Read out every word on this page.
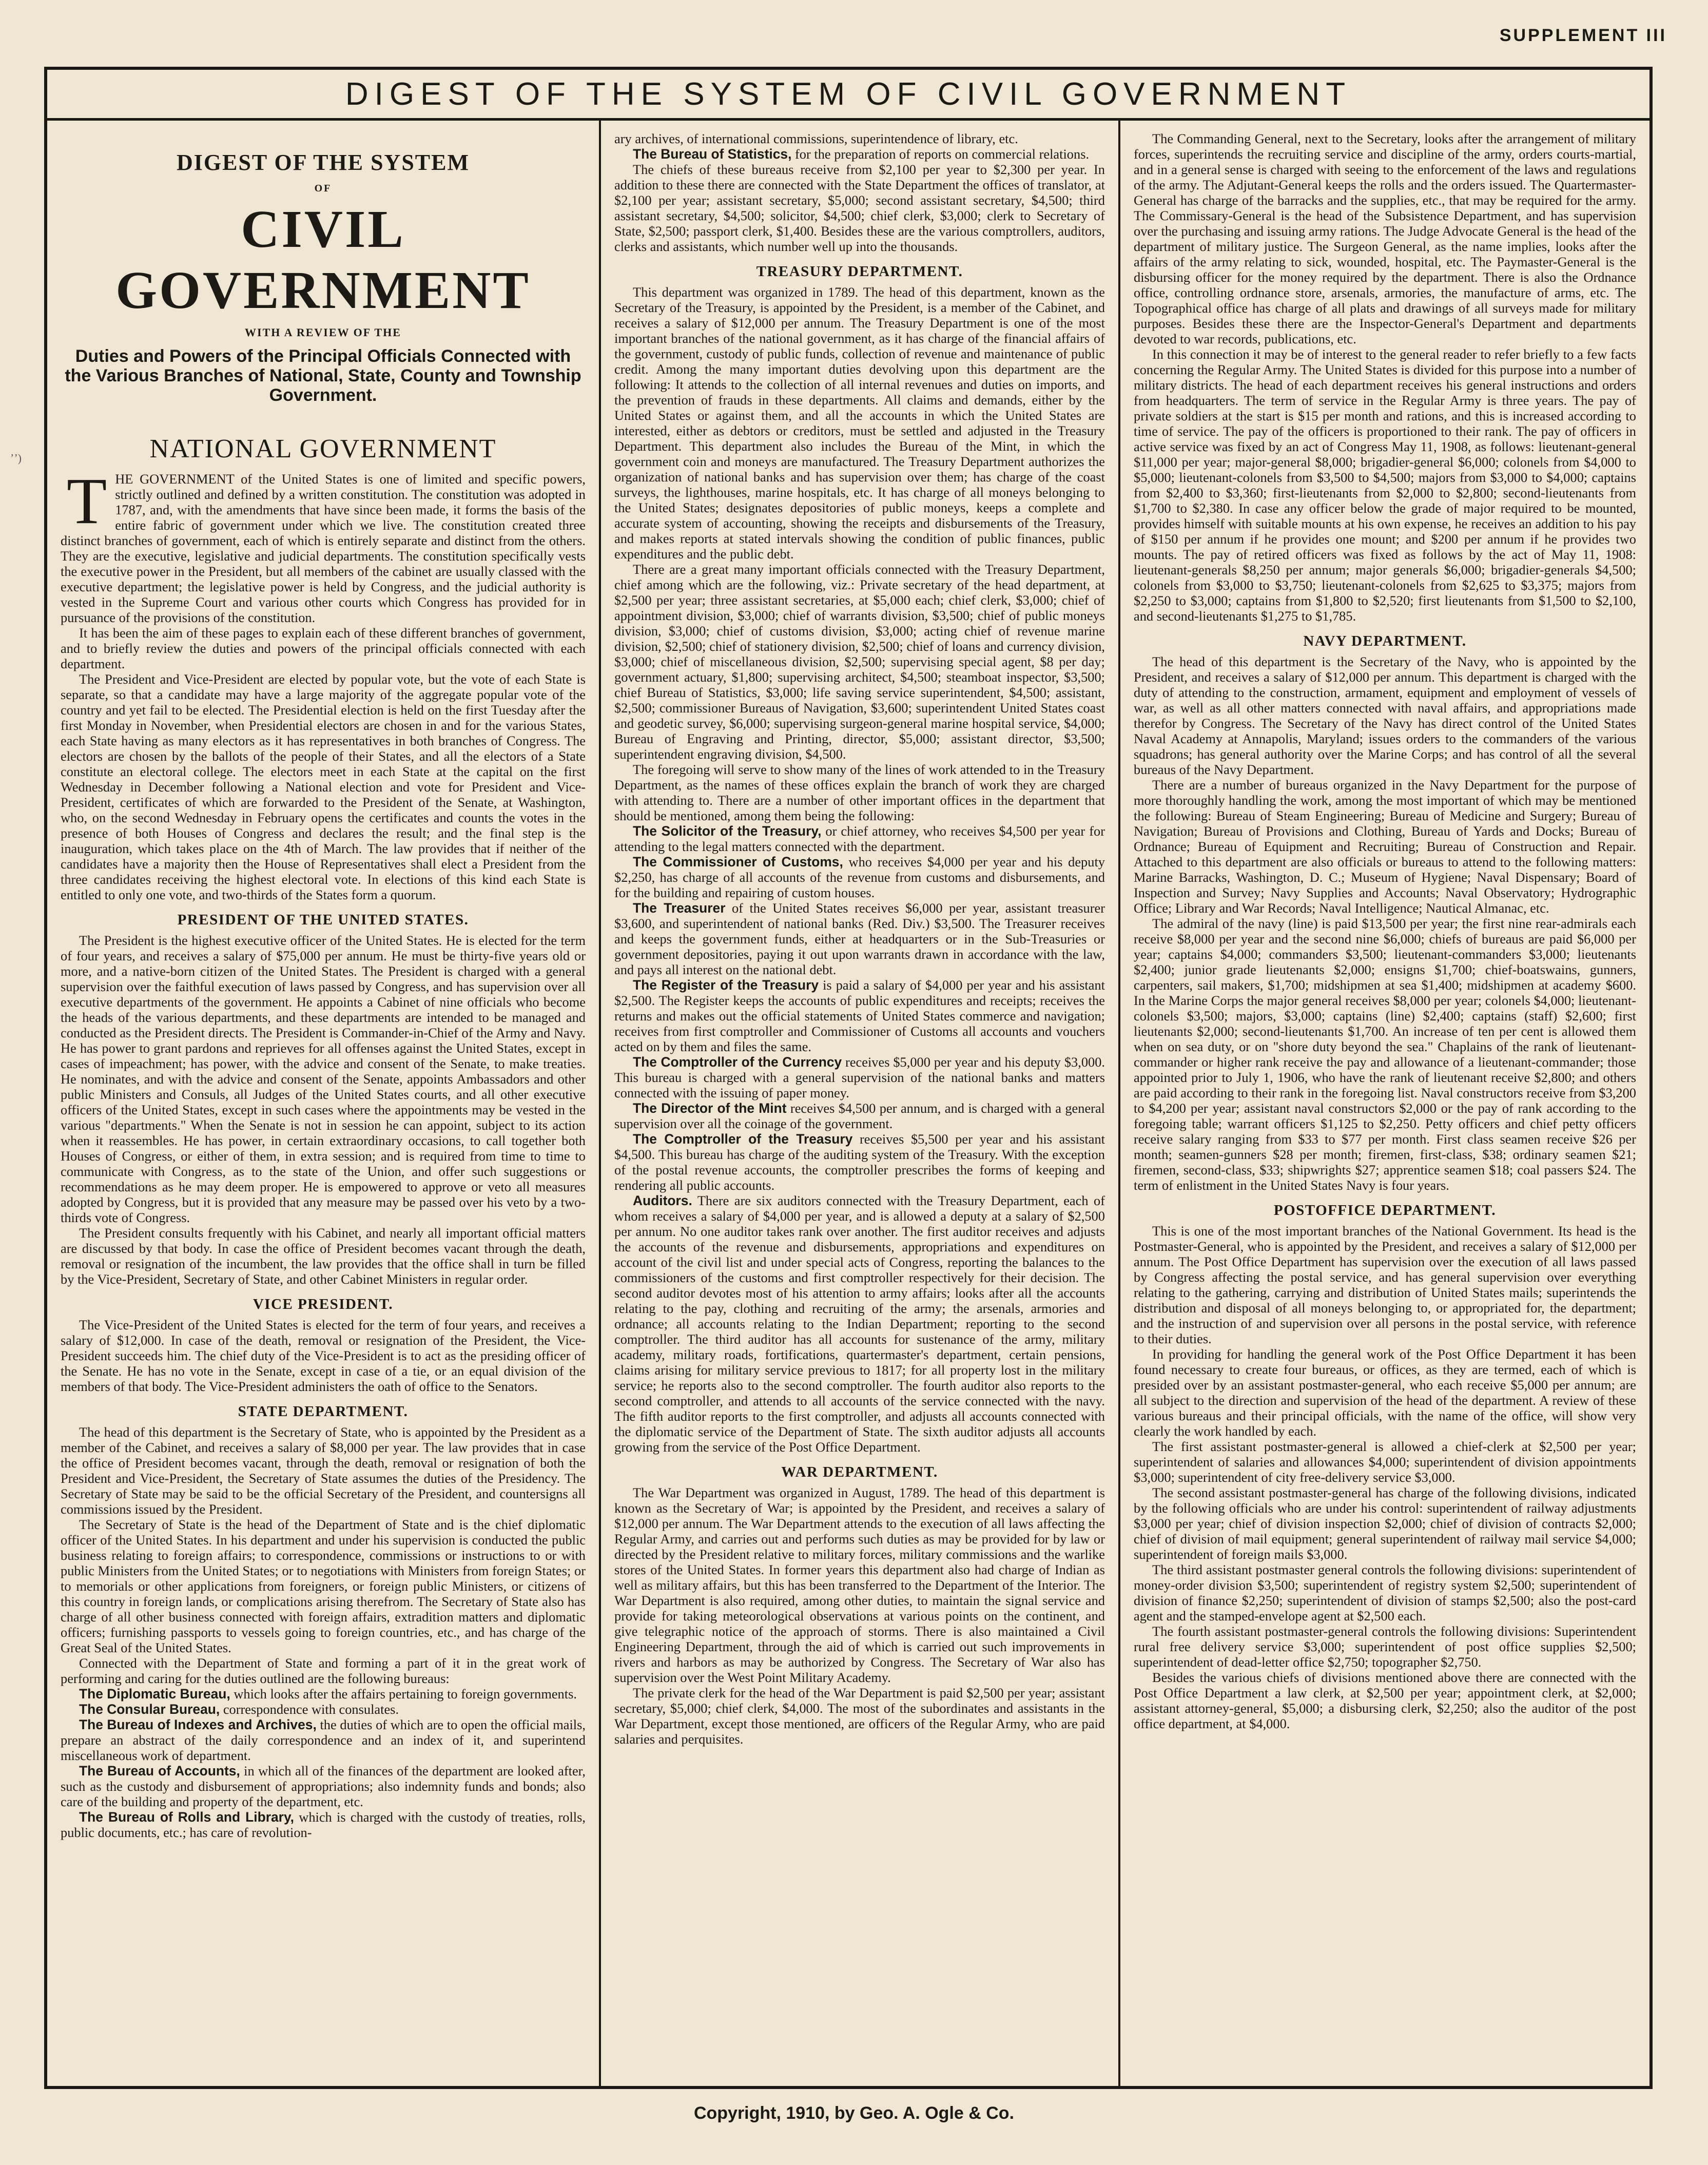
SUPPLEMENT III
ʼʼ)
DIGEST OF THE SYSTEM OF CIVIL GOVERNMENT
DIGEST OF THE SYSTEM
OF
CIVIL GOVERNMENT
WITH A REVIEW OF THE
Duties and Powers of the Principal Officials Connected with the Various Branches of National, State, County and Township Government.
NATIONAL GOVERNMENT
T HE GOVERNMENT of the United States is one of limited and specific powers, strictly outlined and defined by a written constitution. The constitution was adopted in 1787, and, with the amendments that have since been made, it forms the basis of the entire fabric of government under which we live. The constitution created three distinct branches of government, each of which is entirely separate and distinct from the others. They are the executive, legislative and judicial departments. The constitution specifically vests the executive power in the President, but all members of the cabinet are usually classed with the executive department; the legislative power is held by Congress, and the judicial authority is vested in the Supreme Court and various other courts which Congress has provided for in pursuance of the provisions of the constitution.

It has been the aim of these pages to explain each of these different branches of government, and to briefly review the duties and powers of the principal officials connected with each department.

The President and Vice-President are elected by popular vote, but the vote of each State is separate, so that a candidate may have a large majority of the aggregate popular vote of the country and yet fail to be elected. The Presidential election is held on the first Tuesday after the first Monday in November, when Presidential electors are chosen in and for the various States, each State having as many electors as it has representatives in both branches of Congress. The electors are chosen by the ballots of the people of their States, and all the electors of a State constitute an electoral college. The electors meet in each State at the capital on the first Wednesday in December following a National election and vote for President and Vice-President, certificates of which are forwarded to the President of the Senate, at Washington, who, on the second Wednesday in February opens the certificates and counts the votes in the presence of both Houses of Congress and declares the result; and the final step is the inauguration, which takes place on the 4th of March. The law provides that if neither of the candidates have a majority then the House of Representatives shall elect a President from the three candidates receiving the highest electoral vote. In elections of this kind each State is entitled to only one vote, and two-thirds of the States form a quorum.

PRESIDENT OF THE UNITED STATES.

The President is the highest executive officer of the United States. He is elected for the term of four years, and receives a salary of $75,000 per annum. He must be thirty-five years old or more, and a native-born citizen of the United States. The President is charged with a general supervision over the faithful execution of laws passed by Congress, and has supervision over all executive departments of the government. He appoints a Cabinet of nine officials who become the heads of the various departments, and these departments are intended to be managed and conducted as the President directs. The President is Commander-in-Chief of the Army and Navy. He has power to grant pardons and reprieves for all offenses against the United States, except in cases of impeachment; has power, with the advice and consent of the Senate, to make treaties. He nominates, and with the advice and consent of the Senate, appoints Ambassadors and other public Ministers and Consuls, all Judges of the United States courts, and all other executive officers of the United States, except in such cases where the appointments may be vested in the various "departments." When the Senate is not in session he can appoint, subject to its action when it reassembles. He has power, in certain extraordinary occasions, to call together both Houses of Congress, or either of them, in extra session; and is required from time to time to communicate with Congress, as to the state of the Union, and offer such suggestions or recommendations as he may deem proper. He is empowered to approve or veto all measures adopted by Congress, but it is provided that any measure may be passed over his veto by a two-thirds vote of Congress.

The President consults frequently with his Cabinet, and nearly all important official matters are discussed by that body. In case the office of President becomes vacant through the death, removal or resignation of the incumbent, the law provides that the office shall in turn be filled by the Vice-President, Secretary of State, and other Cabinet Ministers in regular order.

VICE PRESIDENT.

The Vice-President of the United States is elected for the term of four years, and receives a salary of $12,000. In case of the death, removal or resignation of the President, the Vice-President succeeds him. The chief duty of the Vice-President is to act as the presiding officer of the Senate. He has no vote in the Senate, except in case of a tie, or an equal division of the members of that body. The Vice-President administers the oath of office to the Senators.

STATE DEPARTMENT.

The head of this department is the Secretary of State, who is appointed by the President as a member of the Cabinet, and receives a salary of $8,000 per year. The law provides that in case the office of President becomes vacant, through the death, removal or resignation of both the President and Vice-President, the Secretary of State assumes the duties of the Presidency. The Secretary of State may be said to be the official Secretary of the President, and countersigns all commissions issued by the President.

The Secretary of State is the head of the Department of State and is the chief diplomatic officer of the United States. In his department and under his supervision is conducted the public business relating to foreign affairs; to correspondence, commissions or instructions to or with public Ministers from the United States; or to negotiations with Ministers from foreign States; or to memorials or other applications from foreigners, or foreign public Ministers, or citizens of this country in foreign lands, or complications arising therefrom. The Secretary of State also has charge of all other business connected with foreign affairs, extradition matters and diplomatic officers; furnishing passports to vessels going to foreign countries, etc., and has charge of the Great Seal of the United States.

Connected with the Department of State and forming a part of it in the great work of performing and caring for the duties outlined are the following bureaus:

The Diplomatic Bureau, which looks after the affairs pertaining to foreign governments.

The Consular Bureau, correspondence with consulates.

The Bureau of Indexes and Archives, the duties of which are to open the official mails, prepare an abstract of the daily correspondence and an index of it, and superintend miscellaneous work of department.

The Bureau of Accounts, in which all of the finances of the department are looked after, such as the custody and disbursement of appropriations; also indemnity funds and bonds; also care of the building and property of the department, etc.

The Bureau of Rolls and Library, which is charged with the custody of treaties, rolls, public documents, etc.; has care of revolution-

ary archives, of international commissions, superintendence of library, etc.

The Bureau of Statistics, for the preparation of reports on commercial relations.

The chiefs of these bureaus receive from $2,100 per year to $2,300 per year. In addition to these there are connected with the State Department the offices of translator, at $2,100 per year; assistant secretary, $5,000; second assistant secretary, $4,500; third assistant secretary, $4,500; solicitor, $4,500; chief clerk, $3,000; clerk to Secretary of State, $2,500; passport clerk, $1,400. Besides these are the various comptrollers, auditors, clerks and assistants, which number well up into the thousands.

TREASURY DEPARTMENT.

This department was organized in 1789. The head of this department, known as the Secretary of the Treasury, is appointed by the President, is a member of the Cabinet, and receives a salary of $12,000 per annum. The Treasury Department is one of the most important branches of the national government, as it has charge of the financial affairs of the government, custody of public funds, collection of revenue and maintenance of public credit. Among the many important duties devolving upon this department are the following: It attends to the collection of all internal revenues and duties on imports, and the prevention of frauds in these departments. All claims and demands, either by the United States or against them, and all the accounts in which the United States are interested, either as debtors or creditors, must be settled and adjusted in the Treasury Department. This department also includes the Bureau of the Mint, in which the government coin and moneys are manufactured. The Treasury Department authorizes the organization of national banks and has supervision over them; has charge of the coast surveys, the lighthouses, marine hospitals, etc. It has charge of all moneys belonging to the United States; designates depositories of public moneys, keeps a complete and accurate system of accounting, showing the receipts and disbursements of the Treasury, and makes reports at stated intervals showing the condition of public finances, public expenditures and the public debt.

There are a great many important officials connected with the Treasury Department, chief among which are the following, viz.: Private secretary of the head department, at $2,500 per year; three assistant secretaries, at $5,000 each; chief clerk, $3,000; chief of appointment division, $3,000; chief of warrants division, $3,500; chief of public moneys division, $3,000; chief of customs division, $3,000; acting chief of revenue marine division, $2,500; chief of stationery division, $2,500; chief of loans and currency division, $3,000; chief of miscellaneous division, $2,500; supervising special agent, $8 per day; government actuary, $1,800; supervising architect, $4,500; steamboat inspector, $3,500; chief Bureau of Statistics, $3,000; life saving service superintendent, $4,500; assistant, $2,500; commissioner Bureaus of Navigation, $3,600; superintendent United States coast and geodetic survey, $6,000; supervising surgeon-general marine hospital service, $4,000; Bureau of Engraving and Printing, director, $5,000; assistant director, $3,500; superintendent engraving division, $4,500.

The foregoing will serve to show many of the lines of work attended to in the Treasury Department, as the names of these offices explain the branch of work they are charged with attending to. There are a number of other important offices in the department that should be mentioned, among them being the following:

The Solicitor of the Treasury, or chief attorney, who receives $4,500 per year for attending to the legal matters connected with the department.

The Commissioner of Customs, who receives $4,000 per year and his deputy $2,250, has charge of all accounts of the revenue from customs and disbursements, and for the building and repairing of custom houses.

The Treasurer of the United States receives $6,000 per year, assistant treasurer $3,600, and superintendent of national banks (Red. Div.) $3,500. The Treasurer receives and keeps the government funds, either at headquarters or in the Sub-Treasuries or government depositories, paying it out upon warrants drawn in accordance with the law, and pays all interest on the national debt.

The Register of the Treasury is paid a salary of $4,000 per year and his assistant $2,500. The Register keeps the accounts of public expenditures and receipts; receives the returns and makes out the official statements of United States commerce and navigation; receives from first comptroller and Commissioner of Customs all accounts and vouchers acted on by them and files the same.

The Comptroller of the Currency receives $5,000 per year and his deputy $3,000. This bureau is charged with a general supervision of the national banks and matters connected with the issuing of paper money.

The Director of the Mint receives $4,500 per annum, and is charged with a general supervision over all the coinage of the government.

The Comptroller of the Treasury receives $5,500 per year and his assistant $4,500. This bureau has charge of the auditing system of the Treasury. With the exception of the postal revenue accounts, the comptroller prescribes the forms of keeping and rendering all public accounts.

Auditors. There are six auditors connected with the Treasury Department, each of whom receives a salary of $4,000 per year, and is allowed a deputy at a salary of $2,500 per annum. No one auditor takes rank over another. The first auditor receives and adjusts the accounts of the revenue and disbursements, appropriations and expenditures on account of the civil list and under special acts of Congress, reporting the balances to the commissioners of the customs and first comptroller respectively for their decision. The second auditor devotes most of his attention to army affairs; looks after all the accounts relating to the pay, clothing and recruiting of the army; the arsenals, armories and ordnance; all accounts relating to the Indian Department; reporting to the second comptroller. The third auditor has all accounts for sustenance of the army, military academy, military roads, fortifications, quartermaster's department, certain pensions, claims arising for military service previous to 1817; for all property lost in the military service; he reports also to the second comptroller. The fourth auditor also reports to the second comptroller, and attends to all accounts of the service connected with the navy. The fifth auditor reports to the first comptroller, and adjusts all accounts connected with the diplomatic service of the Department of State. The sixth auditor adjusts all accounts growing from the service of the Post Office Department.

WAR DEPARTMENT.

The War Department was organized in August, 1789. The head of this department is known as the Secretary of War; is appointed by the President, and receives a salary of $12,000 per annum. The War Department attends to the execution of all laws affecting the Regular Army, and carries out and performs such duties as may be provided for by law or directed by the President relative to military forces, military commissions and the warlike stores of the United States. In former years this department also had charge of Indian as well as military affairs, but this has been transferred to the Department of the Interior. The War Department is also required, among other duties, to maintain the signal service and provide for taking meteorological observations at various points on the continent, and give telegraphic notice of the approach of storms. There is also maintained a Civil Engineering Department, through the aid of which is carried out such improvements in rivers and harbors as may be authorized by Congress. The Secretary of War also has supervision over the West Point Military Academy.

The private clerk for the head of the War Department is paid $2,500 per year; assistant secretary, $5,000; chief clerk, $4,000. The most of the subordinates and assistants in the War Department, except those mentioned, are officers of the Regular Army, who are paid salaries and perquisites.

The Commanding General, next to the Secretary, looks after the arrangement of military forces, superintends the recruiting service and discipline of the army, orders courts-martial, and in a general sense is charged with seeing to the enforcement of the laws and regulations of the army. The Adjutant-General keeps the rolls and the orders issued. The Quartermaster-General has charge of the barracks and the supplies, etc., that may be required for the army. The Commissary-General is the head of the Subsistence Department, and has supervision over the purchasing and issuing army rations. The Judge Advocate General is the head of the department of military justice. The Surgeon General, as the name implies, looks after the affairs of the army relating to sick, wounded, hospital, etc. The Paymaster-General is the disbursing officer for the money required by the department. There is also the Ordnance office, controlling ordnance store, arsenals, armories, the manufacture of arms, etc. The Topographical office has charge of all plats and drawings of all surveys made for military purposes. Besides these there are the Inspector-General's Department and departments devoted to war records, publications, etc.

In this connection it may be of interest to the general reader to refer briefly to a few facts concerning the Regular Army. The United States is divided for this purpose into a number of military districts. The head of each department receives his general instructions and orders from headquarters. The term of service in the Regular Army is three years. The pay of private soldiers at the start is $15 per month and rations, and this is increased according to time of service. The pay of the officers is proportioned to their rank. The pay of officers in active service was fixed by an act of Congress May 11, 1908, as follows: lieutenant-general $11,000 per year; major-general $8,000; brigadier-general $6,000; colonels from $4,000 to $5,000; lieutenant-colonels from $3,500 to $4,500; majors from $3,000 to $4,000; captains from $2,400 to $3,360; first-lieutenants from $2,000 to $2,800; second-lieutenants from $1,700 to $2,380. In case any officer below the grade of major required to be mounted, provides himself with suitable mounts at his own expense, he receives an addition to his pay of $150 per annum if he provides one mount; and $200 per annum if he provides two mounts. The pay of retired officers was fixed as follows by the act of May 11, 1908: lieutenant-generals $8,250 per annum; major generals $6,000; brigadier-generals $4,500; colonels from $3,000 to $3,750; lieutenant-colonels from $2,625 to $3,375; majors from $2,250 to $3,000; captains from $1,800 to $2,520; first lieutenants from $1,500 to $2,100, and second-lieutenants $1,275 to $1,785.

NAVY DEPARTMENT.

The head of this department is the Secretary of the Navy, who is appointed by the President, and receives a salary of $12,000 per annum. This department is charged with the duty of attending to the construction, armament, equipment and employment of vessels of war, as well as all other matters connected with naval affairs, and appropriations made therefor by Congress. The Secretary of the Navy has direct control of the United States Naval Academy at Annapolis, Maryland; issues orders to the commanders of the various squadrons; has general authority over the Marine Corps; and has control of all the several bureaus of the Navy Department.

There are a number of bureaus organized in the Navy Department for the purpose of more thoroughly handling the work, among the most important of which may be mentioned the following: Bureau of Steam Engineering; Bureau of Medicine and Surgery; Bureau of Navigation; Bureau of Provisions and Clothing, Bureau of Yards and Docks; Bureau of Ordnance; Bureau of Equipment and Recruiting; Bureau of Construction and Repair. Attached to this department are also officials or bureaus to attend to the following matters: Marine Barracks, Washington, D. C.; Museum of Hygiene; Naval Dispensary; Board of Inspection and Survey; Navy Supplies and Accounts; Naval Observatory; Hydrographic Office; Library and War Records; Naval Intelligence; Nautical Almanac, etc.

The admiral of the navy (line) is paid $13,500 per year; the first nine rear-admirals each receive $8,000 per year and the second nine $6,000; chiefs of bureaus are paid $6,000 per year; captains $4,000; commanders $3,500; lieutenant-commanders $3,000; lieutenants $2,400; junior grade lieutenants $2,000; ensigns $1,700; chief-boatswains, gunners, carpenters, sail makers, $1,700; midshipmen at sea $1,400; midshipmen at academy $600. In the Marine Corps the major general receives $8,000 per year; colonels $4,000; lieutenant-colonels $3,500; majors, $3,000; captains (line) $2,400; captains (staff) $2,600; first lieutenants $2,000; second-lieutenants $1,700. An increase of ten per cent is allowed them when on sea duty, or on "shore duty beyond the sea." Chaplains of the rank of lieutenant-commander or higher rank receive the pay and allowance of a lieutenant-commander; those appointed prior to July 1, 1906, who have the rank of lieutenant receive $2,800; and others are paid according to their rank in the foregoing list. Naval constructors receive from $3,200 to $4,200 per year; assistant naval constructors $2,000 or the pay of rank according to the foregoing table; warrant officers $1,125 to $2,250. Petty officers and chief petty officers receive salary ranging from $33 to $77 per month. First class seamen receive $26 per month; seamen-gunners $28 per month; firemen, first-class, $38; ordinary seamen $21; firemen, second-class, $33; shipwrights $27; apprentice seamen $18; coal passers $24. The term of enlistment in the United States Navy is four years.

POSTOFFICE DEPARTMENT.

This is one of the most important branches of the National Government. Its head is the Postmaster-General, who is appointed by the President, and receives a salary of $12,000 per annum. The Post Office Department has supervision over the execution of all laws passed by Congress affecting the postal service, and has general supervision over everything relating to the gathering, carrying and distribution of United States mails; superintends the distribution and disposal of all moneys belonging to, or appropriated for, the department; and the instruction of and supervision over all persons in the postal service, with reference to their duties.

In providing for handling the general work of the Post Office Department it has been found necessary to create four bureaus, or offices, as they are termed, each of which is presided over by an assistant postmaster-general, who each receive $5,000 per annum; are all subject to the direction and supervision of the head of the department. A review of these various bureaus and their principal officials, with the name of the office, will show very clearly the work handled by each.

The first assistant postmaster-general is allowed a chief-clerk at $2,500 per year; superintendent of salaries and allowances $4,000; superintendent of division appointments $3,000; superintendent of city free-delivery service $3,000.

The second assistant postmaster-general has charge of the following divisions, indicated by the following officials who are under his control: superintendent of railway adjustments $3,000 per year; chief of division inspection $2,000; chief of division of contracts $2,000; chief of division of mail equipment; general superintendent of railway mail service $4,000; superintendent of foreign mails $3,000.

The third assistant postmaster general controls the following divisions: superintendent of money-order division $3,500; superintendent of registry system $2,500; superintendent of division of finance $2,250; superintendent of division of stamps $2,500; also the post-card agent and the stamped-envelope agent at $2,500 each.

The fourth assistant postmaster-general controls the following divisions: Superintendent rural free delivery service $3,000; superintendent of post office supplies $2,500; superintendent of dead-letter office $2,750; topographer $2,750.

Besides the various chiefs of divisions mentioned above there are connected with the Post Office Department a law clerk, at $2,500 per year; appointment clerk, at $2,000; assistant attorney-general, $5,000; a disbursing clerk, $2,250; also the auditor of the post office department, at $4,000.

Copyright, 1910, by Geo. A. Ogle & Co.
